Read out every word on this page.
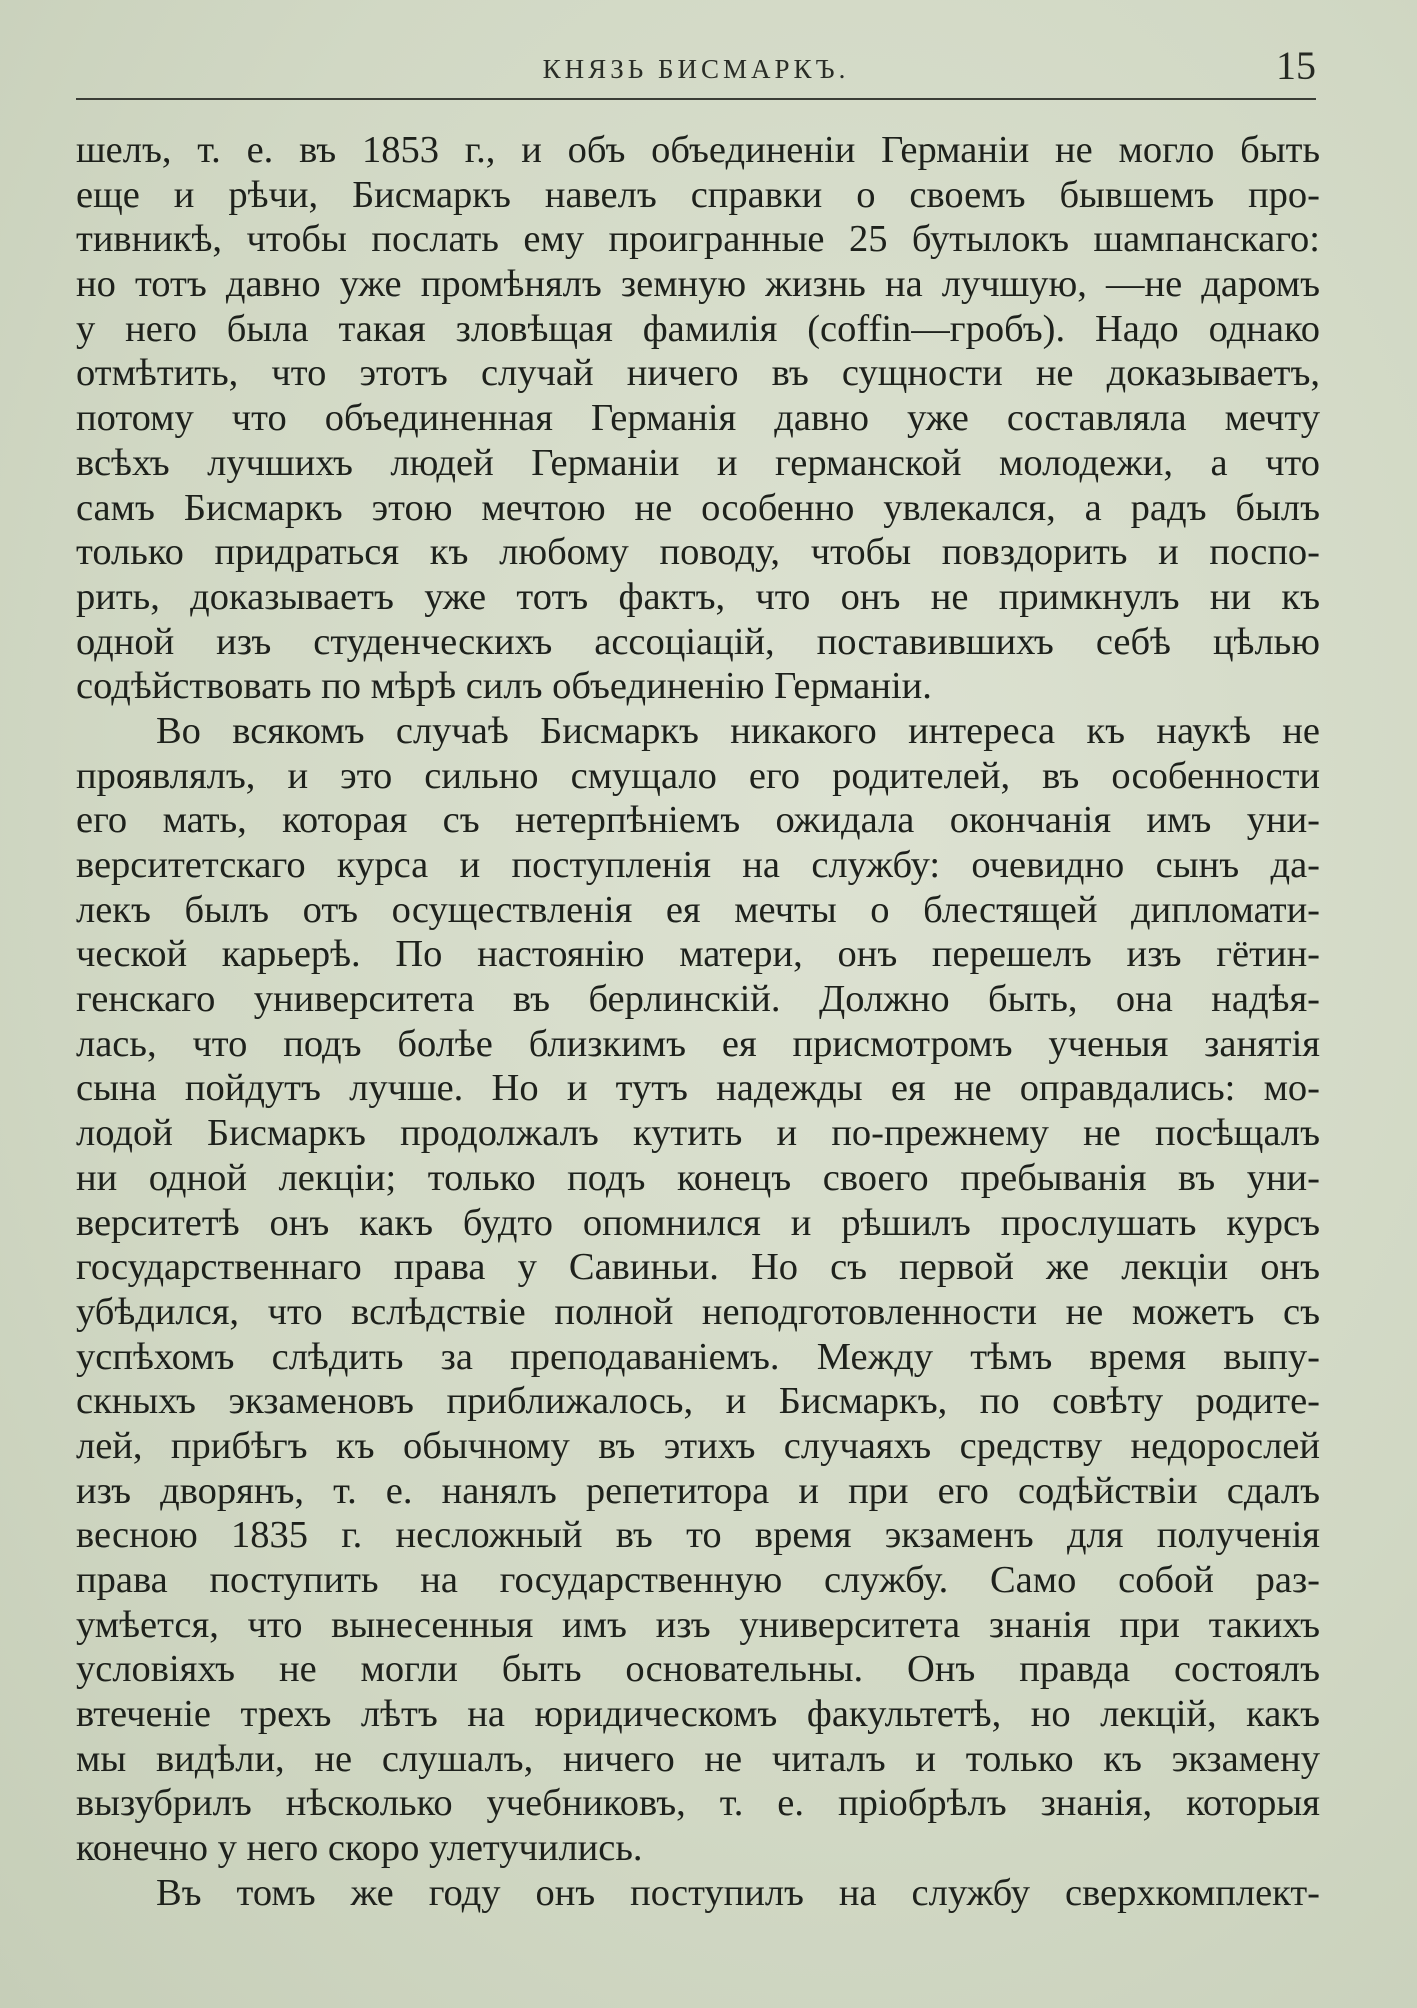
КНЯЗЬ БИСМАРКЪ.	15
шелъ, т. е. въ 1853 г., и объ объединеніи Германіи не могло быть
еще и рѣчи, Бисмаркъ навелъ справки о своемъ бывшемъ про-
тивникѣ, чтобы послать ему проигранные 25 бутылокъ шампанскаго:
но тотъ давно уже промѣнялъ земную жизнь на лучшую, —не даромъ
у него была такая зловѣщая фамилія (coffin—гробъ). Надо однако
отмѣтить, что этотъ случай ничего въ сущности не доказываетъ,
потому что объединенная Германія давно уже составляла мечту
всѣхъ лучшихъ людей Германіи и германской молодежи, а что
самъ Бисмаркъ этою мечтою не особенно увлекался, а радъ былъ
только придраться къ любому поводу, чтобы повздорить и поспо-
рить, доказываетъ уже тотъ фактъ, что онъ не примкнулъ ни къ
одной изъ студенческихъ ассоціацій, поставившихъ себѣ цѣлью
содѣйствовать по мѣрѣ силъ объединенію Германіи.
Во всякомъ случаѣ Бисмаркъ никакого интереса къ наукѣ не
проявлялъ, и это сильно смущало его родителей, въ особенности
его мать, которая съ нетерпѣніемъ ожидала окончанія имъ уни-
верситетскаго курса и поступленія на службу: очевидно сынъ да-
лекъ былъ отъ осуществленія ея мечты о блестящей дипломати-
ческой карьерѣ. По настоянію матери, онъ перешелъ изъ гётин-
генскаго университета въ берлинскій. Должно быть, она надѣя-
лась, что подъ болѣе близкимъ ея присмотромъ ученыя занятія
сына пойдутъ лучше. Но и тутъ надежды ея не оправдались: мо-
лодой Бисмаркъ продолжалъ кутить и по-прежнему не посѣщалъ
ни одной лекціи; только подъ конецъ своего пребыванія въ уни-
верситетѣ онъ какъ будто опомнился и рѣшилъ прослушать курсъ
государственнаго права у Савиньи. Но съ первой же лекціи онъ
убѣдился, что вслѣдствіе полной неподготовленности не можетъ съ
успѣхомъ слѣдить за преподаваніемъ. Между тѣмъ время выпу-
скныхъ экзаменовъ приближалось, и Бисмаркъ, по совѣту родите-
лей, прибѣгъ къ обычному въ этихъ случаяхъ средству недорослей
изъ дворянъ, т. е. нанялъ репетитора и при его содѣйствіи сдалъ
весною 1835 г. несложный въ то время экзаменъ для полученія
права поступить на государственную службу. Само собой раз-
умѣется, что вынесенныя имъ изъ университета знанія при такихъ
условіяхъ не могли быть основательны. Онъ правда состоялъ
втеченіе трехъ лѣтъ на юридическомъ факультетѣ, но лекцій, какъ
мы видѣли, не слушалъ, ничего не читалъ и только къ экзамену
вызубрилъ нѣсколько учебниковъ, т. е. пріобрѣлъ знанія, которыя
конечно у него скоро улетучились.
Въ томъ же году онъ поступилъ на службу сверхкомплект-
